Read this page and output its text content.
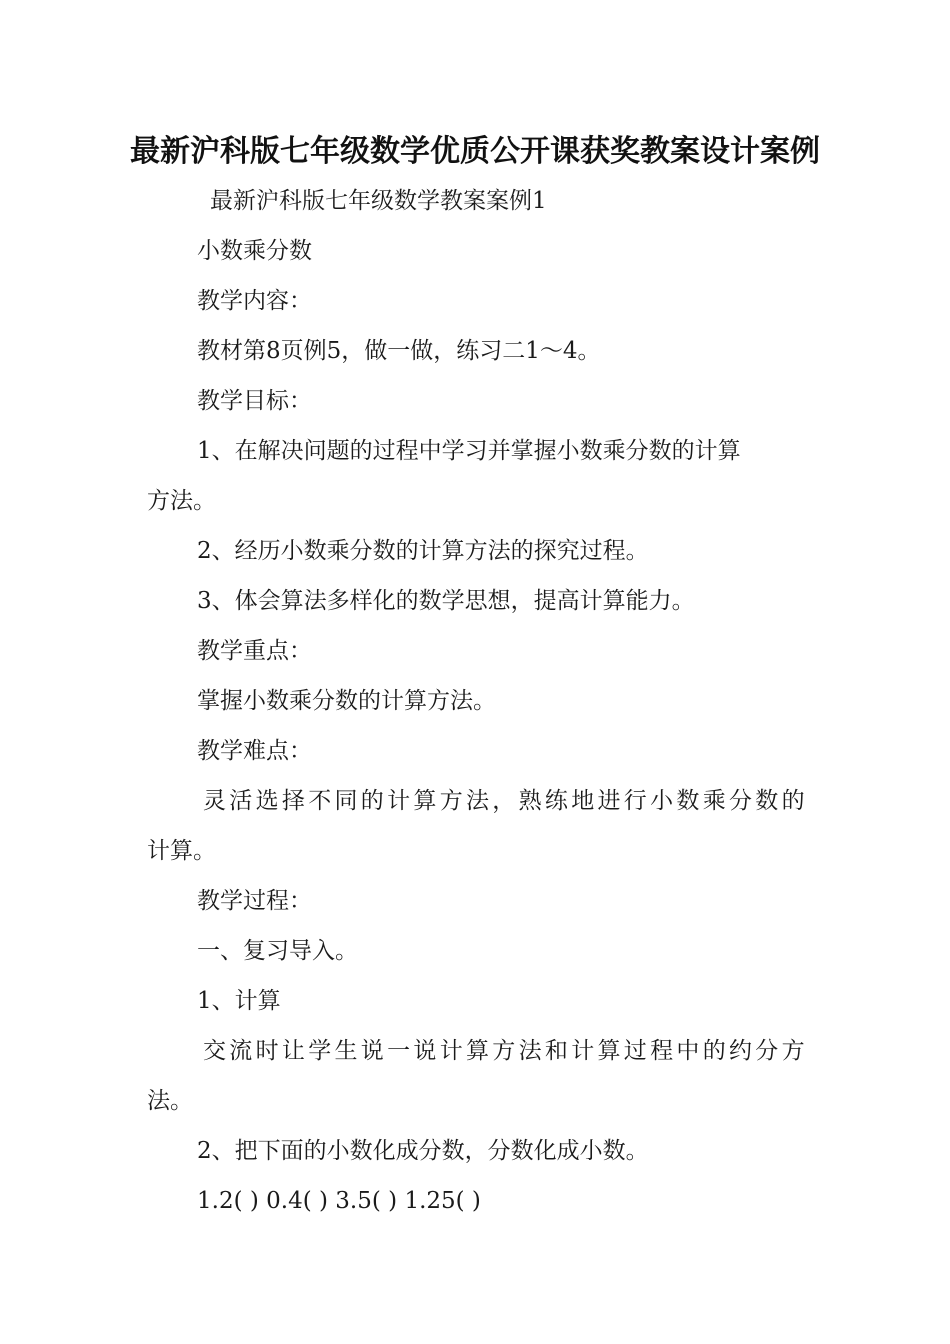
最新沪科版七年级数学优质公开课获奖教案设计案例
最新沪科版七年级数学教案案例1
小数乘分数
教学内容：
教材第8页例5，做一做，练习二1～4。
教学目标：
1、在解决问题的过程中学习并掌握小数乘分数的计算
方法。
2、经历小数乘分数的计算方法的探究过程。
3、体会算法多样化的数学思想，提高计算能力。
教学重点：
掌握小数乘分数的计算方法。
教学难点：
灵活选择不同的计算方法，熟练地进行小数乘分数的
计算。
教学过程：
一、复习导入。
1、计算
交流时让学生说一说计算方法和计算过程中的约分方
法。
2、把下面的小数化成分数，分数化成小数。
1.2( ) 0.4( ) 3.5( ) 1.25( )
